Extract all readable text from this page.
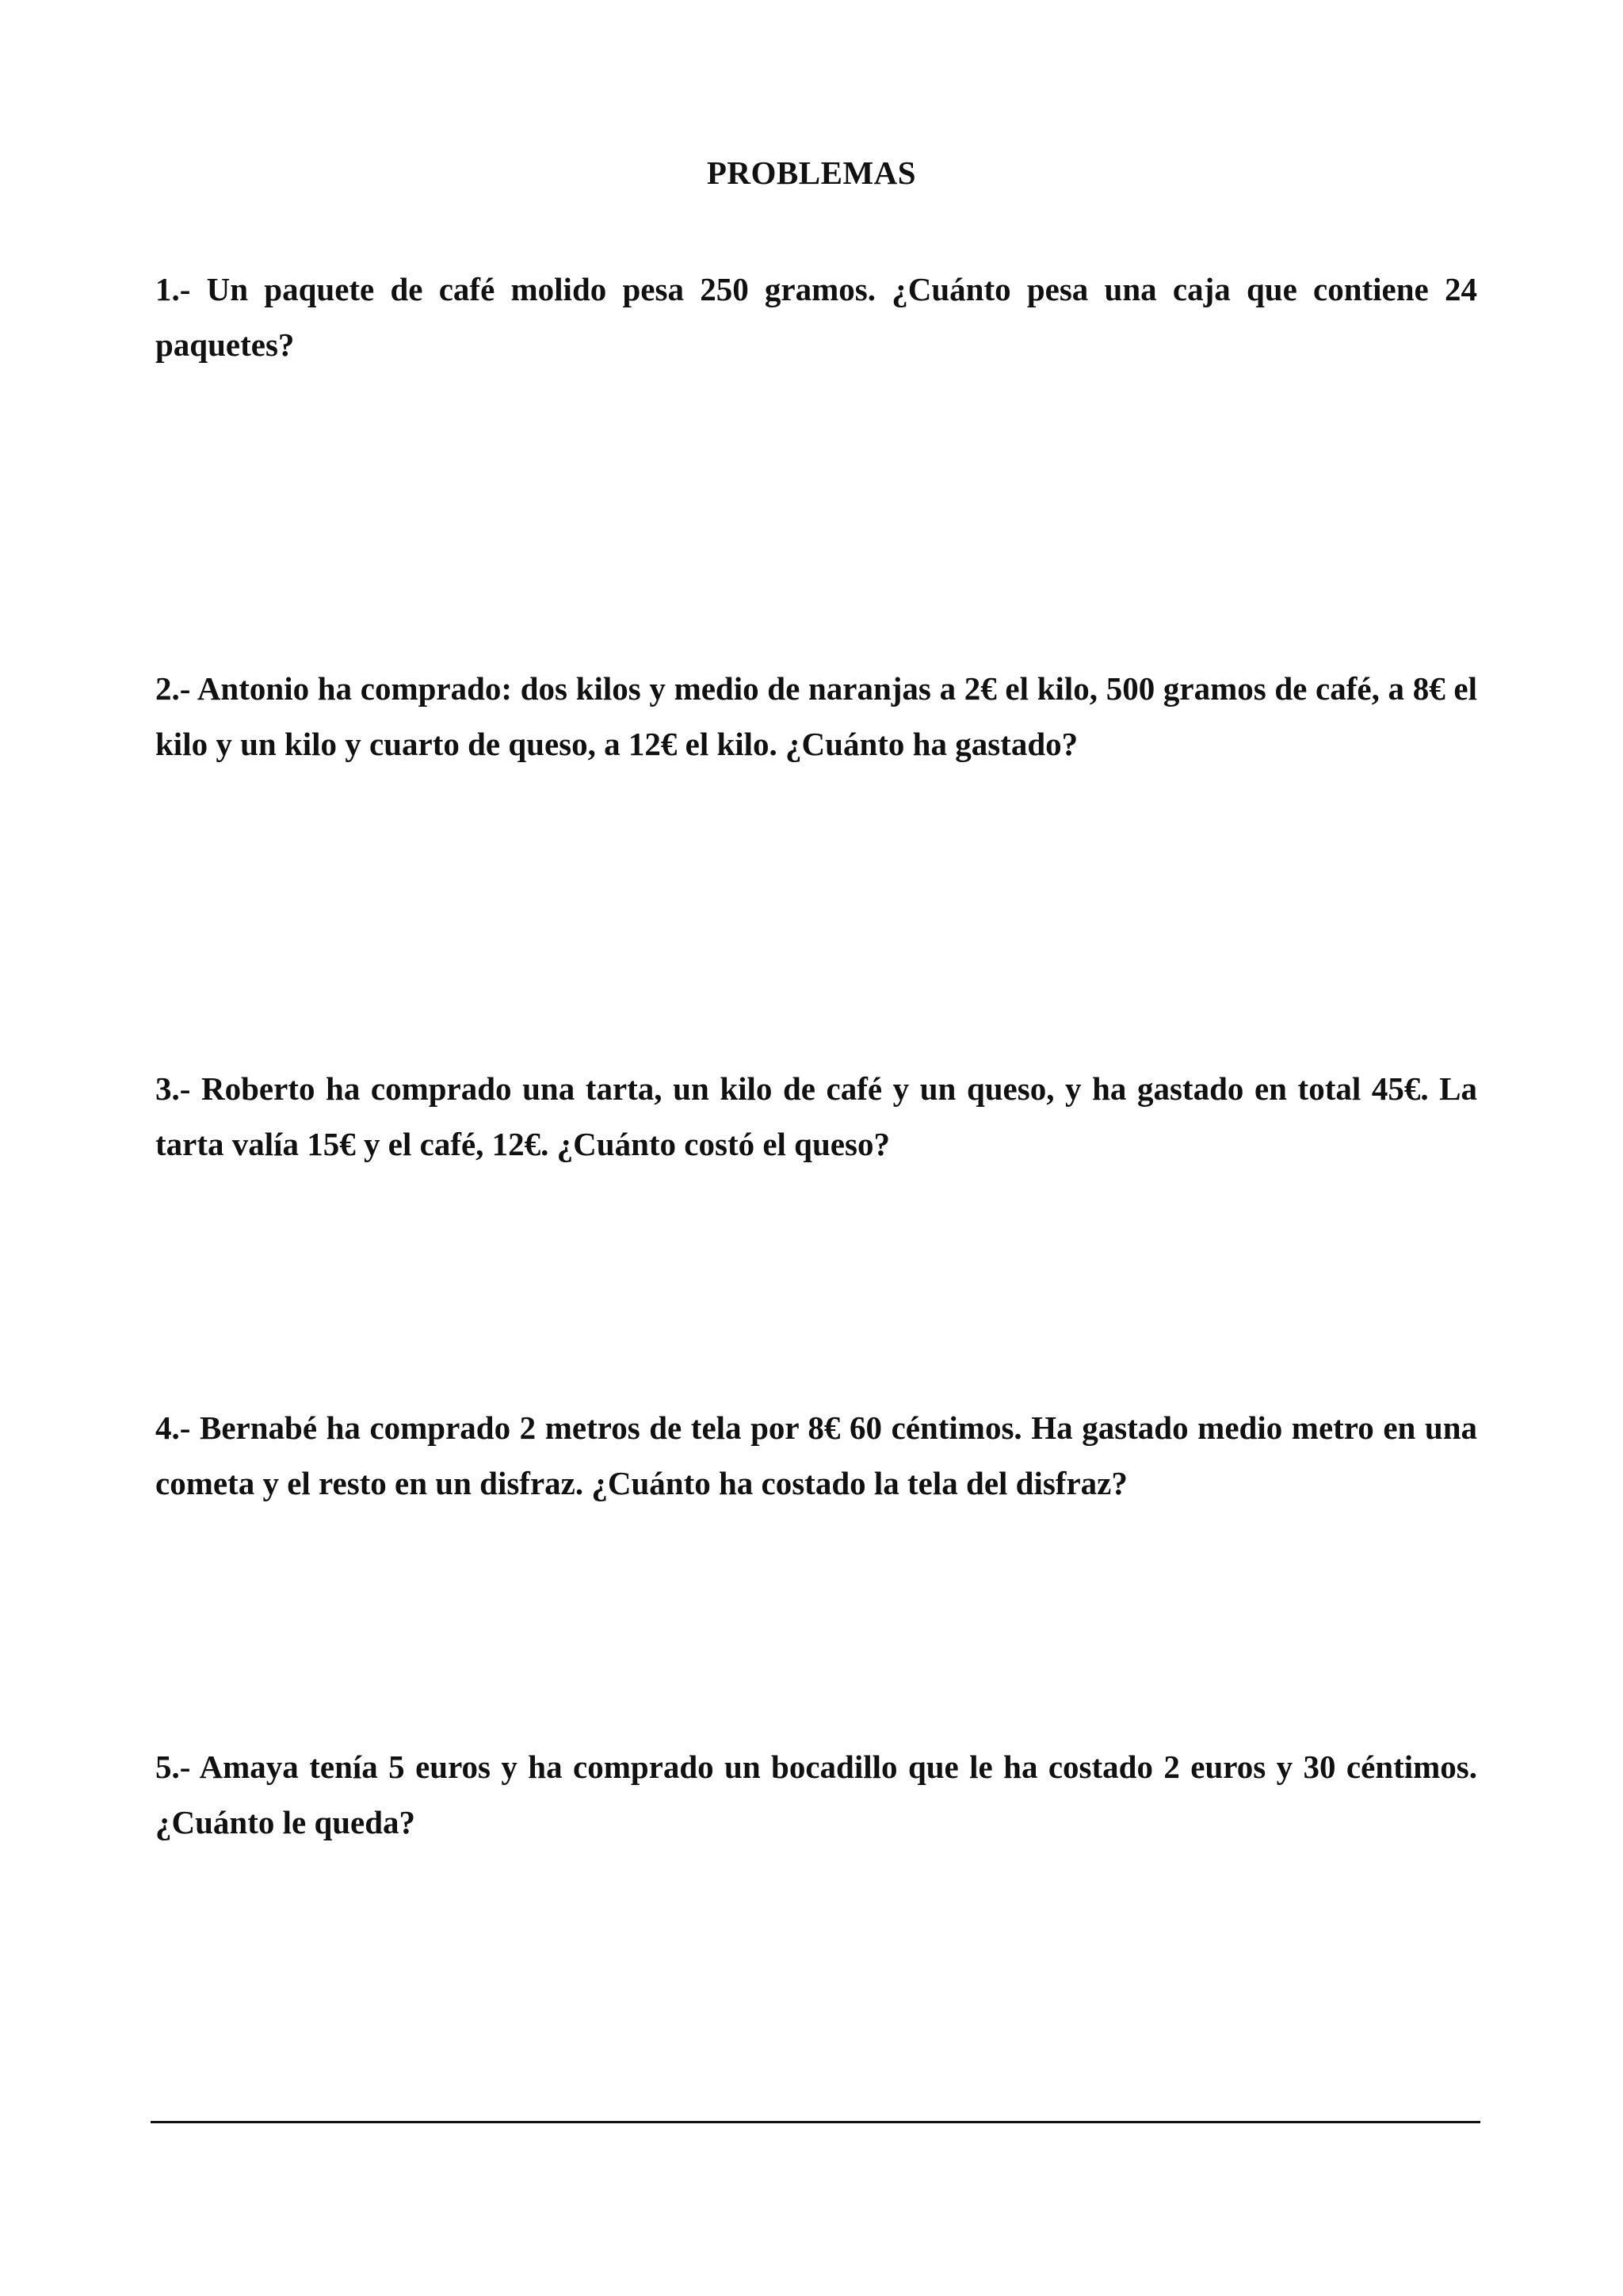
PROBLEMAS

1.- Un paquete de café molido pesa 250 gramos. ¿Cuánto pesa una caja que contiene 24 paquetes?

2.- Antonio ha comprado: dos kilos y medio de naranjas a 2€ el kilo, 500 gramos de café, a 8€ el kilo y un kilo y cuarto de queso, a 12€ el kilo. ¿Cuánto ha gastado?

3.- Roberto ha comprado una tarta, un kilo de café y un queso, y ha gastado en total 45€. La tarta valía 15€ y el café, 12€. ¿Cuánto costó el queso?

4.- Bernabé ha comprado 2 metros de tela por 8€ 60 céntimos. Ha gastado medio metro en una cometa y el resto en un disfraz. ¿Cuánto ha costado la tela del disfraz?

5.- Amaya tenía 5 euros y ha comprado un bocadillo que le ha costado 2 euros y 30 céntimos. ¿Cuánto le queda?
